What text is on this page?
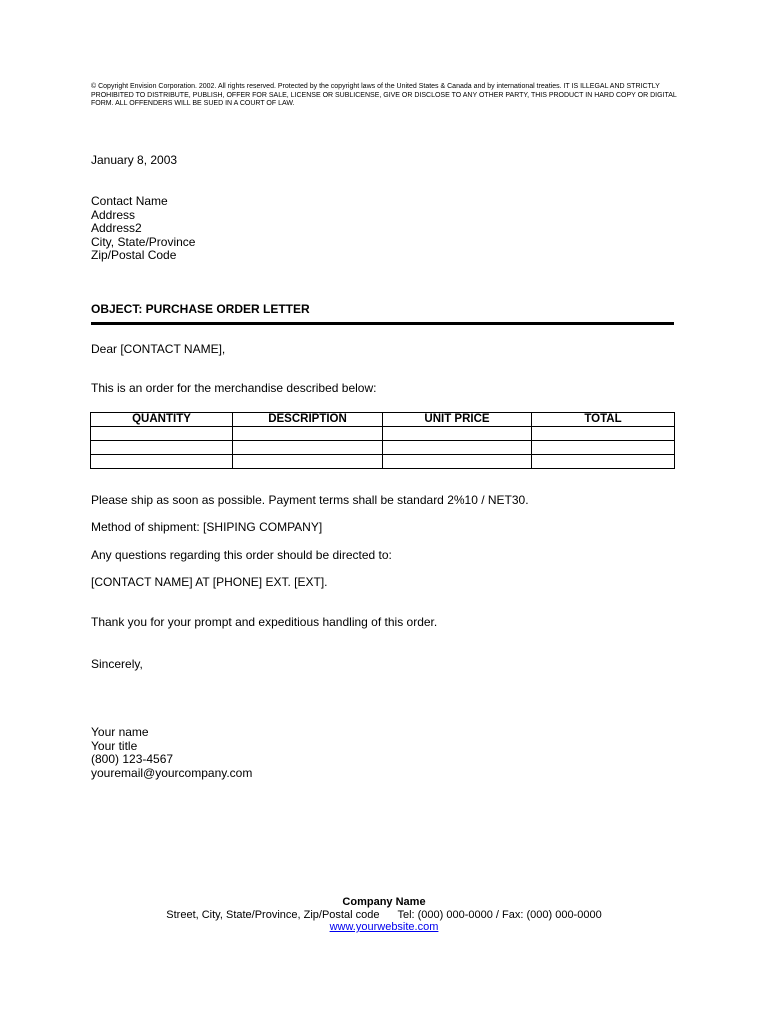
© Copyright Envision Corporation. 2002. All rights reserved. Protected by the copyright laws of the United States & Canada and by international treaties. IT IS ILLEGAL AND STRICTLY PROHIBITED TO DISTRIBUTE, PUBLISH, OFFER FOR SALE, LICENSE OR SUBLICENSE, GIVE OR DISCLOSE TO ANY OTHER PARTY, THIS PRODUCT IN HARD COPY OR DIGITAL FORM. ALL OFFENDERS WILL BE SUED IN A COURT OF LAW.
January 8, 2003
Contact Name
Address
Address2
City, State/Province
Zip/Postal Code
OBJECT: PURCHASE ORDER LETTER
Dear [CONTACT NAME],
This is an order for the merchandise described below:
QUANTITY	DESCRIPTION	UNIT PRICE	TOTAL

Please ship as soon as possible. Payment terms shall be standard 2%10 / NET30.
Method of shipment: [SHIPING COMPANY]
Any questions regarding this order should be directed to:
[CONTACT NAME] AT [PHONE] EXT. [EXT].
Thank you for your prompt and expeditious handling of this order.
Sincerely,
Your name
Your title
(800) 123-4567
youremail@yourcompany.com
Company Name
Street, City, State/Province, Zip/Postal code Tel: (000) 000-0000 / Fax: (000) 000-0000
www.yourwebsite.com
